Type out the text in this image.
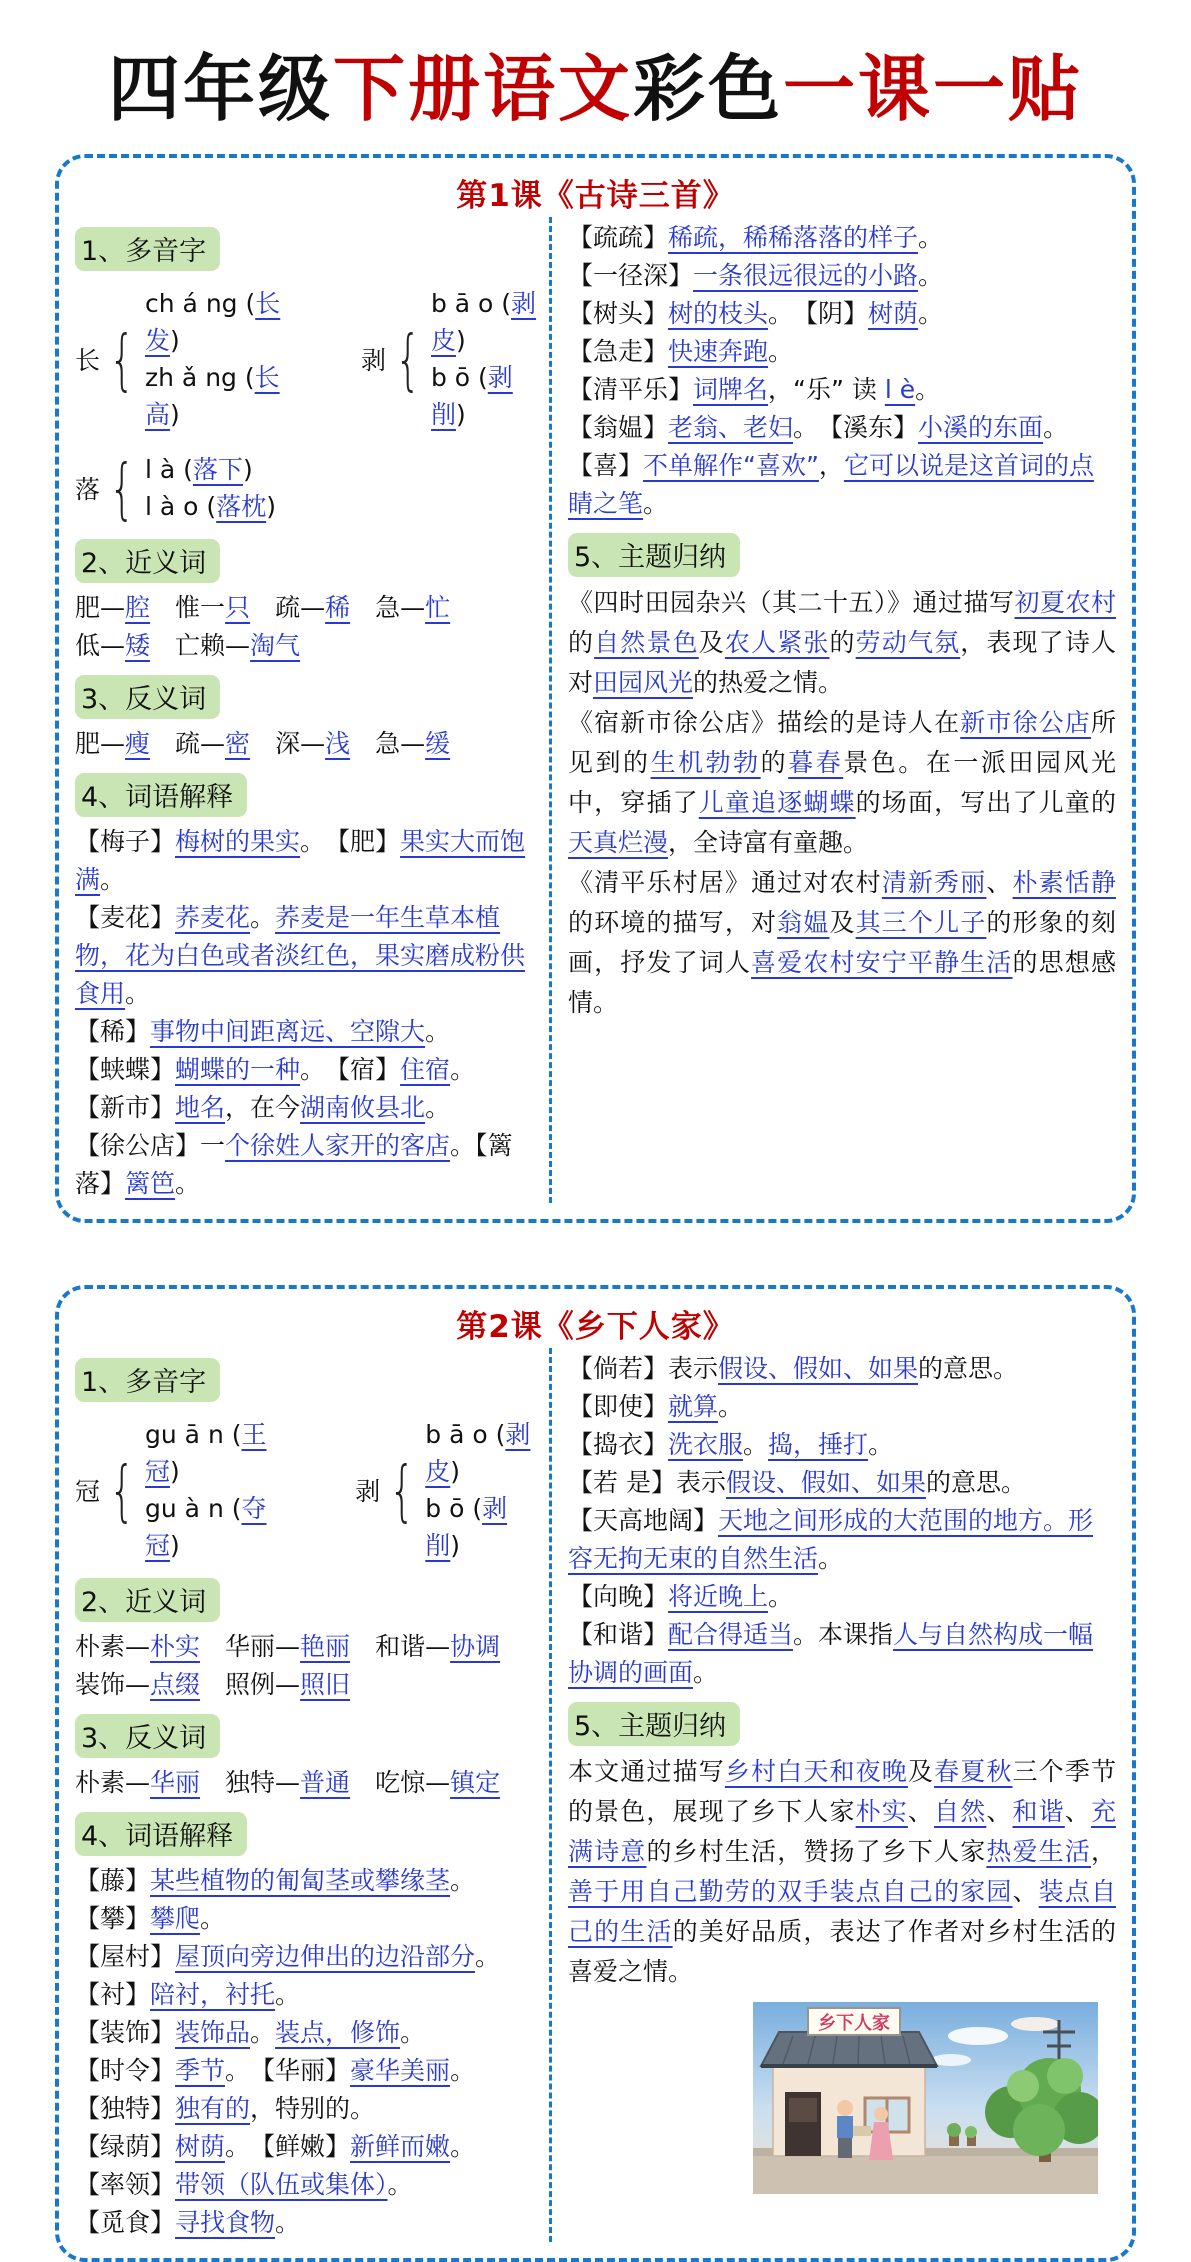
四年级下册语文彩色一课一贴
第1课《古诗三首》
1、多音字
长 {
ch á ng (长发)
zh ǎ ng (长高)
剥 {
b ā o (剥皮)
b ō (剥削)
落 { l à (落下)
l à o (落枕)
2、近义词
肥—腔　惟一只　疏—稀　急—忙
低—矮　亡赖—淘气
3、反义词
肥—瘦　疏—密　深—浅　急—缓
4、词语解释
【梅子】梅树的果实。　【肥】果实大而饱满。
【麦花】荞麦花。荞麦是一年生草本植物，花为白色或者淡红色，果实磨成粉供食用。
【稀】事物中间距离远、空隙大。
【蛱蝶】蝴蝶的一种。　【宿】住宿。
【新市】地名，在今湖南攸县北。
【徐公店】一个徐姓人家开的客店。【篱落】篱笆。
【疏疏】稀疏，稀稀落落的样子。
【一径深】一条很远很远的小路。
【树头】树的枝头。　【阴】树荫。
【急走】快速奔跑。
【清平乐】词牌名，“乐” 读 l è。
【翁媪】老翁、老妇。　【溪东】小溪的东面。
【喜】不单解作“喜欢”，它可以说是这首词的点睛之笔。
5、主题归纳
《四时田园杂兴（其二十五）》通过描写初夏农村的自然景色及农人紧张的劳动气氛，表现了诗人对田园风光的热爱之情。
《宿新市徐公店》描绘的是诗人在新市徐公店所见到的生机勃勃的暮春景色。在一派田园风光中，穿插了儿童追逐蝴蝶的场面，写出了儿童的天真烂漫，全诗富有童趣。
《清平乐村居》通过对农村清新秀丽、朴素恬静的环境的描写，对翁媪及其三个儿子的形象的刻画，抒发了词人喜爱农村安宁平静生活的思想感情。
第2课《乡下人家》
1、多音字
冠 {
gu ā n (王冠)
gu à n (夺冠)
剥 {
b ā o (剥皮)
b ō (剥削)
2、近义词
朴素—朴实　华丽—艳丽　和谐—协调
装饰—点缀　照例—照旧
3、反义词
朴素—华丽　独特—普通　吃惊—镇定
4、词语解释
【藤】某些植物的匍匐茎或攀缘茎。
【攀】攀爬。
【屋村】屋顶向旁边伸出的边沿部分。
【衬】陪衬，衬托。
【装饰】装饰品。装点，修饰。
【时令】季节。　【华丽】豪华美丽。
【独特】独有的，特别的。
【绿荫】树荫。　【鲜嫩】新鲜而嫩。
【率领】带领（队伍或集体）。
【觅食】寻找食物。
【倘若】表示假设、假如、如果的意思。
【即使】就算。
【捣衣】洗衣服。捣，捶打。
【若 是】表示假设、假如、如果的意思。
【天高地阔】天地之间形成的大范围的地方。形容无拘无束的自然生活。
【向晚】将近晚上。
【和谐】配合得适当。本课指人与自然构成一幅协调的画面。
5、主题归纳
本文通过描写乡村白天和夜晚及春夏秋三个季节的景色，展现了乡下人家朴实、自然、和谐、充满诗意的乡村生活，赞扬了乡下人家热爱生活，善于用自己勤劳的双手装点自己的家园、装点自己的生活的美好品质，表达了作者对乡村生活的喜爱之情。
乡下人家
